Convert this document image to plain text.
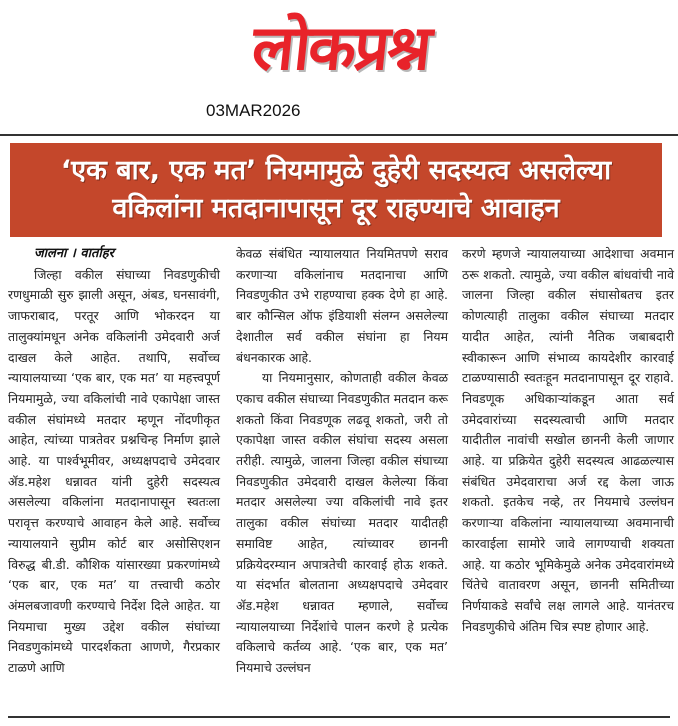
लोकप्रश्न
03MAR2026
‘एक बार, एक मत’ नियमामुळे दुहेरी सदस्यत्व असलेल्या
वकिलांना मतदानापासून दूर राहण्याचे आवाहन
जालना । वार्ताहर
जिल्हा वकील संघाच्या निवडणुकीची रणधुमाळी सुरु झाली असून, अंबड, घनसावंगी, जाफराबाद, परतूर आणि भोकरदन या तालुक्यांमधून अनेक वकिलांनी उमेदवारी अर्ज दाखल केले आहेत. तथापि, सर्वोच्च न्यायालयाच्या ‘एक बार, एक मत’ या महत्त्वपूर्ण नियमामुळे, ज्या वकिलांची नावे एकापेक्षा जास्त वकील संघांमध्ये मतदार म्हणून नोंदणीकृत आहेत, त्यांच्या पात्रतेवर प्रश्नचिन्ह निर्माण झाले आहे. या पार्श्वभूमीवर, अध्यक्षपदाचे उमेदवार ॲड.महेश धन्नावत यांनी दुहेरी सदस्यत्व असलेल्या वकिलांना मतदानापासून स्वतःला परावृत्त करण्याचे आवाहन केले आहे. सर्वोच्च न्यायालयाने सुप्रीम कोर्ट बार असोसिएशन विरुद्ध बी.डी. कौशिक यांसारख्या प्रकरणांमध्ये ‘एक बार, एक मत’ या तत्त्वाची कठोर अंमलबजावणी करण्याचे निर्देश दिले आहेत. या नियमाचा मुख्य उद्देश वकील संघांच्या निवडणुकांमध्ये पारदर्शकता आणणे, गैरप्रकार टाळणे आणि
केवळ संबंधित न्यायालयात नियमितपणे सराव करणाऱ्या वकिलांनाच मतदानाचा आणि निवडणुकीत उभे राहण्याचा हक्क देणे हा आहे. बार कौन्सिल ऑफ इंडियाशी संलग्न असलेल्या देशातील सर्व वकील संघांना हा नियम बंधनकारक आहे.
या नियमानुसार, कोणताही वकील केवळ एकाच वकील संघाच्या निवडणुकीत मतदान करू शकतो किंवा निवडणूक लढवू शकतो, जरी तो एकापेक्षा जास्त वकील संघांचा सदस्य असला तरीही. त्यामुळे, जालना जिल्हा वकील संघाच्या निवडणुकीत उमेदवारी दाखल केलेल्या किंवा मतदार असलेल्या ज्या वकिलांची नावे इतर तालुका वकील संघांच्या मतदार यादीतही समाविष्ट आहेत, त्यांच्यावर छाननी प्रक्रियेदरम्यान अपात्रतेची कारवाई होऊ शकते. या संदर्भात बोलताना अध्यक्षपदाचे उमेदवार ॲड.महेश धन्नावत म्हणाले, सर्वोच्च न्यायालयाच्या निर्देशांचे पालन करणे हे प्रत्येक वकिलाचे कर्तव्य आहे. ‘एक बार, एक मत’ नियमाचे उल्लंघन
करणे म्हणजे न्यायालयाच्या आदेशाचा अवमान ठरू शकतो. त्यामुळे, ज्या वकील बांधवांची नावे जालना जिल्हा वकील संघासोबतच इतर कोणत्याही तालुका वकील संघाच्या मतदार यादीत आहेत, त्यांनी नैतिक जबाबदारी स्वीकारून आणि संभाव्य कायदेशीर कारवाई टाळण्यासाठी स्वतःहून मतदानापासून दूर राहावे. निवडणूक अधिकाऱ्यांकडून आता सर्व उमेदवारांच्या सदस्यत्वाची आणि मतदार यादीतील नावांची सखोल छाननी केली जाणार आहे. या प्रक्रियेत दुहेरी सदस्यत्व आढळल्यास संबंधित उमेदवाराचा अर्ज रद्द केला जाऊ शकतो. इतकेच नव्हे, तर नियमाचे उल्लंघन करणाऱ्या वकिलांना न्यायालयाच्या अवमानाची कारवाईला सामोरे जावे लागण्याची शक्यता आहे. या कठोर भूमिकेमुळे अनेक उमेदवारांमध्ये चिंतेचे वातावरण असून, छाननी समितीच्या निर्णयाकडे सर्वांचे लक्ष लागले आहे. यानंतरच निवडणुकीचे अंतिम चित्र स्पष्ट होणार आहे.
